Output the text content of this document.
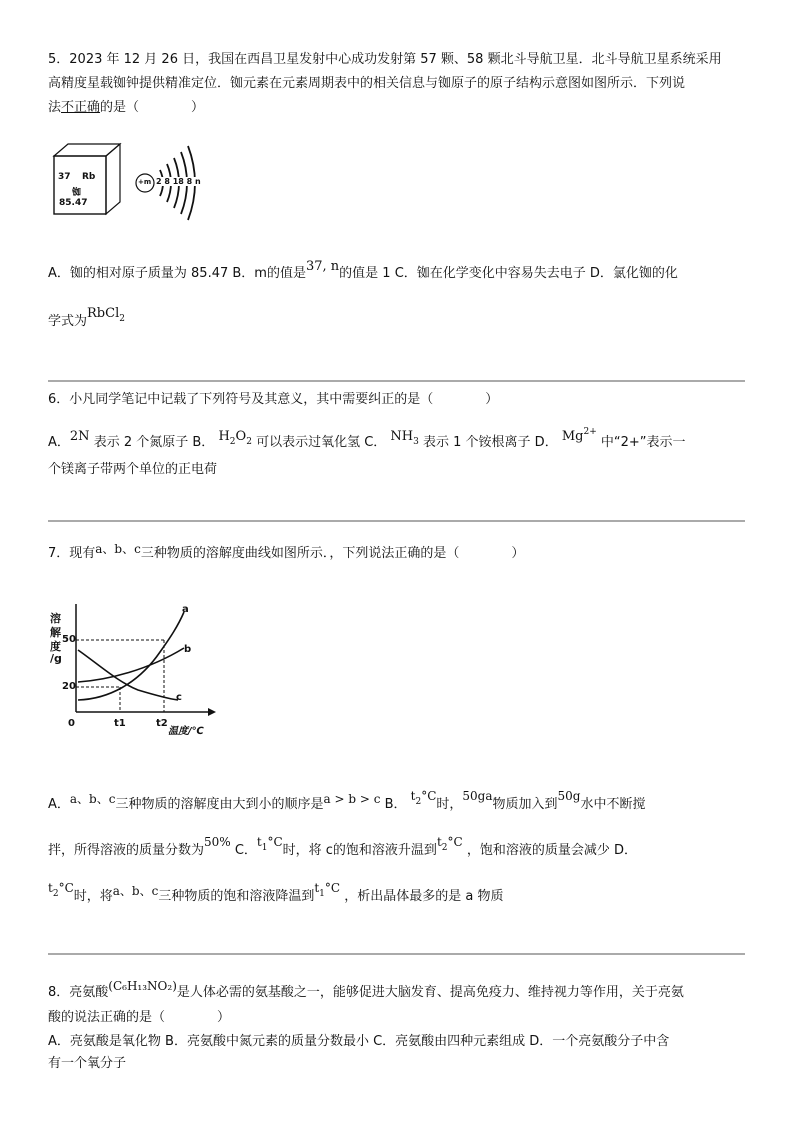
5．2023 年 12 月 26 日，我国在西昌卫星发射中心成功发射第 57 颗、58 颗北斗导航卫星．北斗导航卫星系统采用
高精度星载铷钟提供精准定位．铷元素在元素周期表中的相关信息与铷原子的原子结构示意图如图所示．下列说
法不正确的是（　　　　）
37 Rb
铷
85.47
+m 2 8 18 8 n
A．铷的相对原子质量为 85.47 B．m的值是37, n的值是 1 C．铷在化学变化中容易失去电子 D．氯化铷的化
学式为RbCl$_2$
6．小凡同学笔记中记载了下列符号及其意义，其中需要纠正的是（　　　　）
A．2N 表示 2 个氮原子 B． $H_2O_2$ 可以表示过氧化氢 C． $NH_3$ 表示 1 个铵根离子 D． $Mg^{2+}$ 中“2+”表示一
个镁离子带两个单位的正电荷
7．现有a、b、c三种物质的溶解度曲线如图所示．，下列说法正确的是（　　　　）
溶
解
度
/g
50
20
0	t1	t2
温度/℃
a
b
c
A．a、b、c三种物质的溶解度由大到小的顺序是a > b > c B． $t_2^\circ C$时，50ga物质加入到50g水中不断搅
拌，所得溶液的质量分数为50% C．$t_1^\circ C$时，将 c的饱和溶液升温到$t_2^\circ C$ ，饱和溶液的质量会减少 D．
$t_2^\circ C$时，将a、b、c三种物质的饱和溶液降温到$t_1^\circ C$ ，析出晶体最多的是 a 物质
8．亮氨酸(C₆H₁₃NO₂)是人体必需的氨基酸之一，能够促进大脑发育、提高免疫力、维持视力等作用，关于亮氨
酸的说法正确的是（　　　　）
A．亮氨酸是氧化物 B．亮氨酸中氮元素的质量分数最小 C．亮氨酸由四种元素组成 D．一个亮氨酸分子中含
有一个氧分子
